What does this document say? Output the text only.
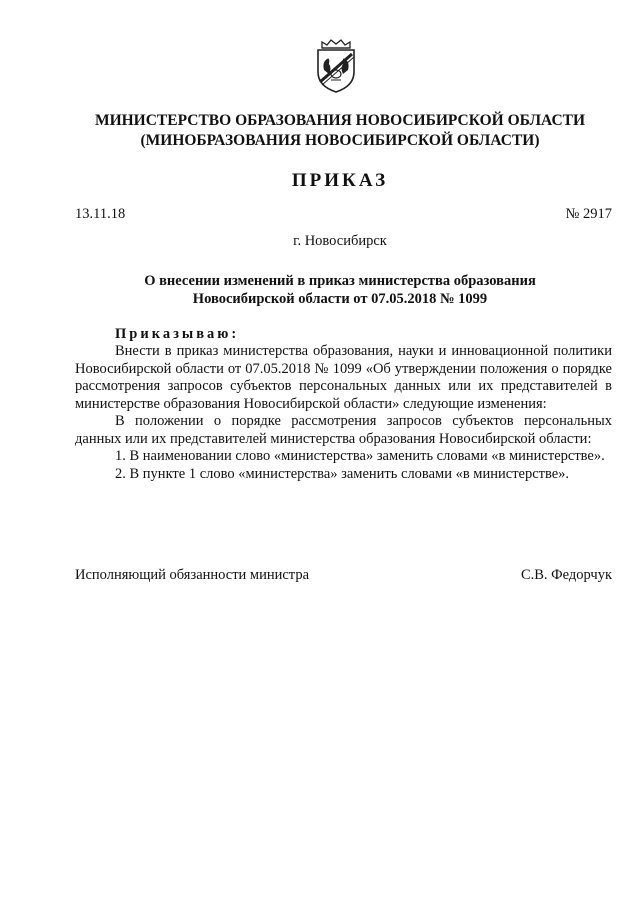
МИНИСТЕРСТВО ОБРАЗОВАНИЯ НОВОСИБИРСКОЙ ОБЛАСТИ
(МИНОБРАЗОВАНИЯ НОВОСИБИРСКОЙ ОБЛАСТИ)
ПРИКАЗ
13.11.18	№ 2917
г. Новосибирск
О внесении изменений в приказ министерства образования
Новосибирской области от 07.05.2018 № 1099
Приказываю:

Внести в приказ министерства образования, науки и инновационной политики Новосибирской области от 07.05.2018 № 1099 «Об утверждении положения о порядке рассмотрения запросов субъектов персональных данных или их представителей в министерстве образования Новосибирской области» следующие изменения:

В положении о порядке рассмотрения запросов субъектов персональных данных или их представителей министерства образования Новосибирской области:

1. В наименовании слово «министерства» заменить словами «в министерстве».

2. В пункте 1 слово «министерства» заменить словами «в министерстве».

Исполняющий обязанности министра	С.В. Федорчук
